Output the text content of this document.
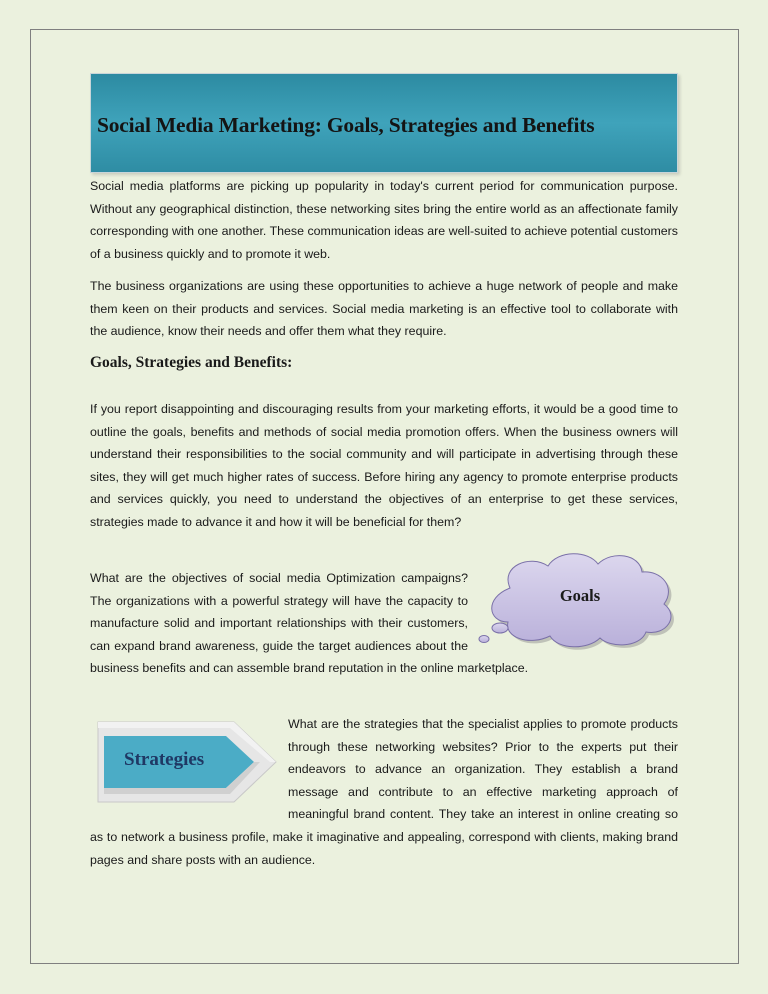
Social Media Marketing: Goals, Strategies and Benefits

Social media platforms are picking up popularity in today's current period for communication purpose. Without any geographical distinction, these networking sites bring the entire world as an affectionate family corresponding with one another. These communication ideas are well-suited to achieve potential customers of a business quickly and to promote it web.

The business organizations are using these opportunities to achieve a huge network of people and make them keen on their products and services. Social media marketing is an effective tool to collaborate with the audience, know their needs and offer them what they require.

Goals, Strategies and Benefits:

If you report disappointing and discouraging results from your marketing efforts, it would be a good time to outline the goals, benefits and methods of social media promotion offers. When the business owners will understand their responsibilities to the social community and will participate in advertising through these sites, they will get much higher rates of success. Before hiring any agency to promote enterprise products and services quickly, you need to understand the objectives of an enterprise to get these services, strategies made to advance it and how it will be beneficial for them?

What are the objectives of social media Optimization campaigns? The organizations with a powerful strategy will have the capacity to manufacture solid and important relationships with their customers, can expand brand awareness, guide the target audiences about the business benefits and can assemble brand reputation in the online marketplace.
What are the strategies that the specialist applies to promote products through these networking websites? Prior to the experts put their endeavors to advance an organization. They establish a brand message and contribute to an effective marketing approach of meaningful brand content. They take an interest in online creating so as to network a business profile, make it imaginative and appealing, correspond with clients, making brand pages and share posts with an audience.
Goals
Strategies
